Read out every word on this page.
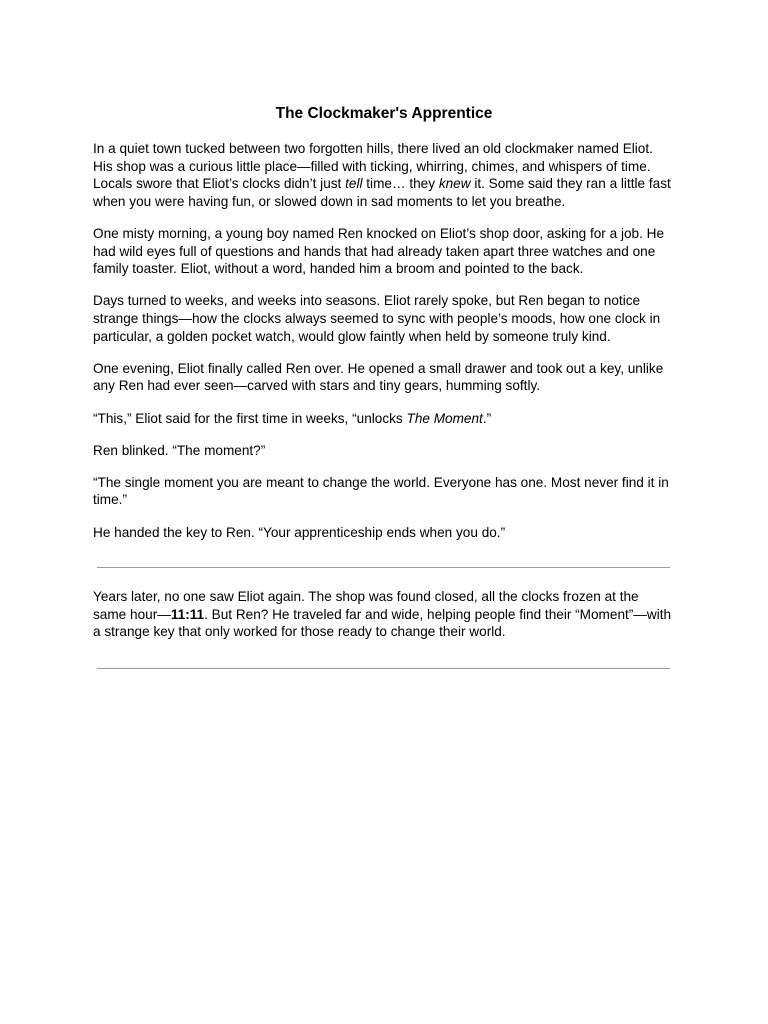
The Clockmaker's Apprentice

In a quiet town tucked between two forgotten hills, there lived an old clockmaker named Eliot. His shop was a curious little place—filled with ticking, whirring, chimes, and whispers of time. Locals swore that Eliot’s clocks didn’t just tell time… they knew it. Some said they ran a little fast when you were having fun, or slowed down in sad moments to let you breathe.

One misty morning, a young boy named Ren knocked on Eliot’s shop door, asking for a job. He had wild eyes full of questions and hands that had already taken apart three watches and one family toaster. Eliot, without a word, handed him a broom and pointed to the back.

Days turned to weeks, and weeks into seasons. Eliot rarely spoke, but Ren began to notice strange things—how the clocks always seemed to sync with people’s moods, how one clock in particular, a golden pocket watch, would glow faintly when held by someone truly kind.

One evening, Eliot finally called Ren over. He opened a small drawer and took out a key, unlike any Ren had ever seen—carved with stars and tiny gears, humming softly.

“This,” Eliot said for the first time in weeks, “unlocks The Moment.”

Ren blinked. “The moment?”

“The single moment you are meant to change the world. Everyone has one. Most never find it in time.”

He handed the key to Ren. “Your apprenticeship ends when you do.”

Years later, no one saw Eliot again. The shop was found closed, all the clocks frozen at the same hour—11:11. But Ren? He traveled far and wide, helping people find their “Moment”—with a strange key that only worked for those ready to change their world.
